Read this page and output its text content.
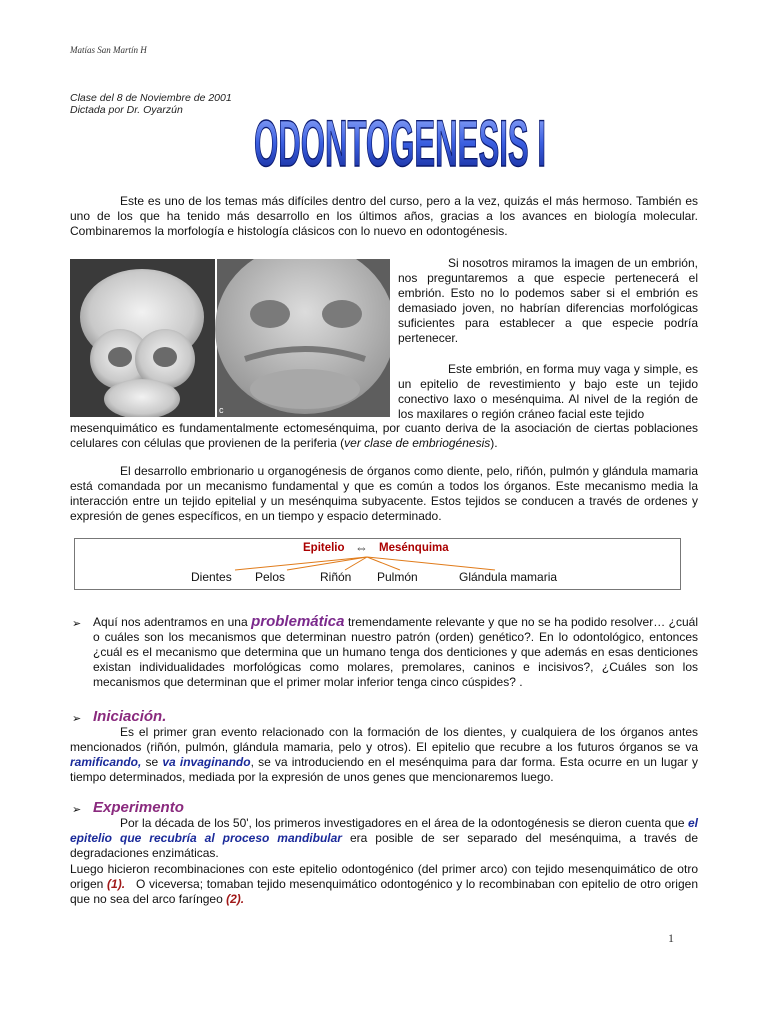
Matías San Martín H
Clase del 8 de Noviembre de 2001
Dictada por Dr. Oyarzún	ODONTOGENESIS I
Este es uno de los temas más difíciles dentro del curso, pero a la vez, quizás el más hermoso. También es uno de los que ha tenido más desarrollo en los últimos años, gracias a los avances en biología molecular. Combinaremos la morfología e histología clásicos con lo nuevo en odontogénesis.
c
Si nosotros miramos la imagen de un embrión, nos preguntaremos a que especie pertenecerá el embrión. Esto no lo podemos saber si el embrión es demasiado joven, no habrían diferencias morfológicas suficientes para establecer a que especie podría pertenecer.
Este embrión, en forma muy vaga y simple, es un epitelio de revestimiento y bajo este un tejido conectivo laxo o mesénquima. Al nivel de la región de los maxilares o región cráneo facial este tejido
mesenquimático es fundamentalmente ectomesénquima, por cuanto deriva de la asociación de ciertas poblaciones celulares con células que provienen de la periferia (ver clase de embriogénesis).
El desarrollo embrionario u organogénesis de órganos como diente, pelo, riñón, pulmón y glándula mamaria está comandada por un mecanismo fundamental y que es común a todos los órganos. Este mecanismo media la interacción entre un tejido epitelial y un mesénquima subyacente. Estos tejidos se conducen a través de ordenes y expresión de genes específicos, en un tiempo y espacio determinado.
Epitelio ⇔ Mesénquima
Dientes Pelos	Riñón Pulmón	Glándula mamaria
➢ Aquí nos adentramos en una problemática tremendamente relevante y que no se ha podido resolver… ¿cuál o cuáles son los mecanismos que determinan nuestro patrón (orden) genético?. En lo odontológico, entonces ¿cuál es el mecanismo que determina que un humano tenga dos denticiones y que además en esas denticiones existan individualidades morfológicas como molares, premolares, caninos e incisivos?, ¿Cuáles son los mecanismos que determinan que el primer molar inferior tenga cinco cúspides? .
➢ Iniciación.
Es el primer gran evento relacionado con la formación de los dientes, y cualquiera de los órganos antes mencionados (riñón, pulmón, glándula mamaria, pelo y otros). El epitelio que recubre a los futuros órganos se va ramificando, se va invaginando, se va introduciendo en el mesénquima para dar forma. Esta ocurre en un lugar y tiempo determinados, mediada por la expresión de unos genes que mencionaremos luego.
➢ Experimento
Por la década de los 50', los primeros investigadores en el área de la odontogénesis se dieron cuenta que el epitelio que recubría al proceso mandibular era posible de ser separado del mesénquima, a través de degradaciones enzimáticas.
Luego hicieron recombinaciones con este epitelio odontogénico (del primer arco) con tejido mesenquimático de otro origen (1).   O viceversa; tomaban tejido mesenquimático odontogénico y lo recombinaban con epitelio de otro origen que no sea del arco faríngeo (2).
1
